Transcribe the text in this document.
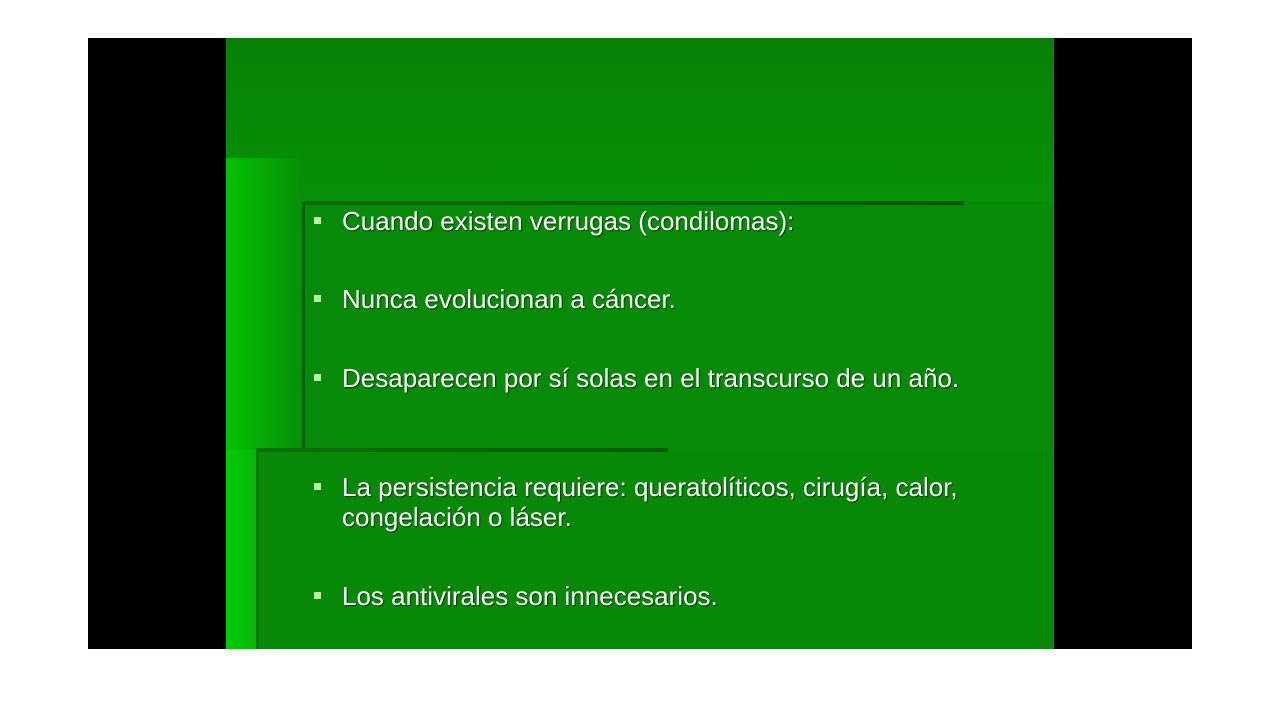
Cuando existen verrugas (condilomas):
Nunca evolucionan a cáncer.
Desaparecen por sí solas en el transcurso de un año.
La persistencia requiere: queratolíticos, cirugía, calor, congelación o láser.
Los antivirales son innecesarios.
